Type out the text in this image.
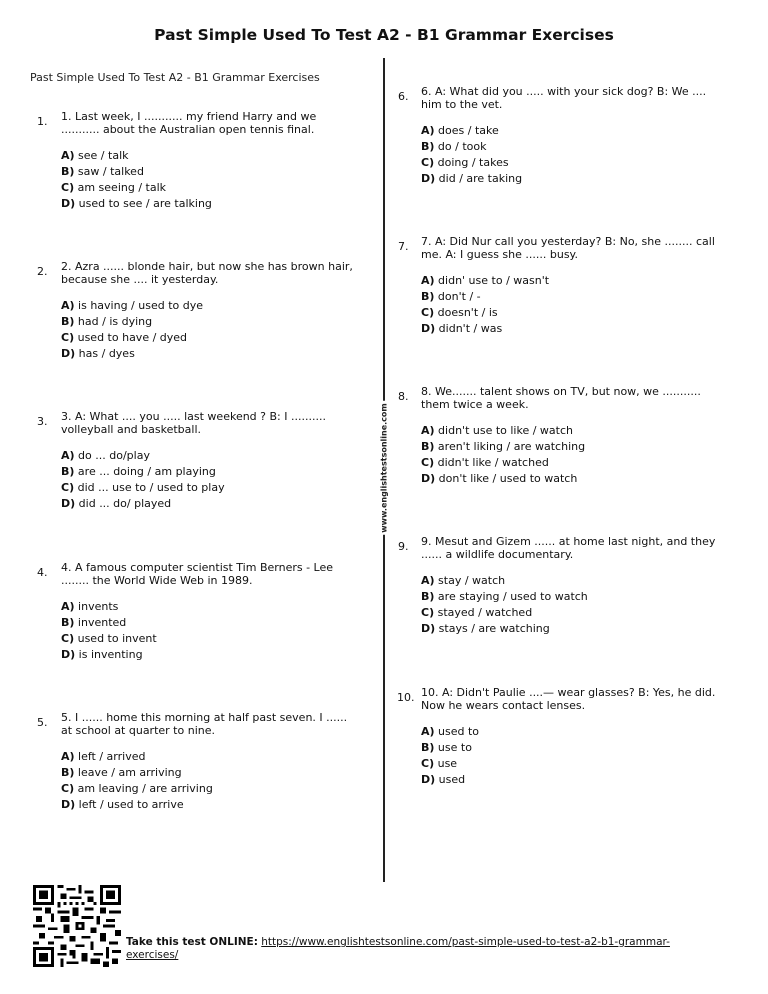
Past Simple Used To Test A2 - B1 Grammar Exercises
Past Simple Used To Test A2 - B1 Grammar Exercises
www.englishtestsonline.com
1. 1. Last week, I ........... my friend Harry and we
........... about the Australian open tennis final.
A) see / talk
B) saw / talked
C) am seeing / talk
D) used to see / are talking
2. 2. Azra ...... blonde hair, but now she has brown hair,
because she .... it yesterday.
A) is having / used to dye
B) had / is dying
C) used to have / dyed
D) has / dyes
3. 3. A: What .... you ..... last weekend ? B: I ..........
volleyball and basketball.
A) do ... do/play
B) are ... doing / am playing
C) did ... use to / used to play
D) did ... do/ played
4. 4. A famous computer scientist Tim Berners - Lee
........ the World Wide Web in 1989.
A) invents
B) invented
C) used to invent
D) is inventing
5. 5. I ...... home this morning at half past seven. I ......
at school at quarter to nine.
A) left / arrived
B) leave / am arriving
C) am leaving / are arriving
D) left / used to arrive
6. 6. A: What did you ..... with your sick dog? B: We ....
him to the vet.
A) does / take
B) do / took
C) doing / takes
D) did / are taking
7. 7. A: Did Nur call you yesterday? B: No, she ........ call
me. A: I guess she ...... busy.
A) didn' use to / wasn't
B) don't / -
C) doesn't / is
D) didn't / was
8. 8. We....... talent shows on TV, but now, we ...........
them twice a week.
A) didn't use to like / watch
B) aren't liking / are watching
C) didn't like / watched
D) don't like / used to watch
9. 9. Mesut and Gizem ...... at home last night, and they
...... a wildlife documentary.
A) stay / watch
B) are staying / used to watch
C) stayed / watched
D) stays / are watching
10. 10. A: Didn't Paulie ....— wear glasses? B: Yes, he did.
Now he wears contact lenses.
A) used to
B) use to
C) use
D) used
Take this test ONLINE: https://www.englishtestsonline.com/past-simple-used-to-test-a2-b1-grammar-exercises/
